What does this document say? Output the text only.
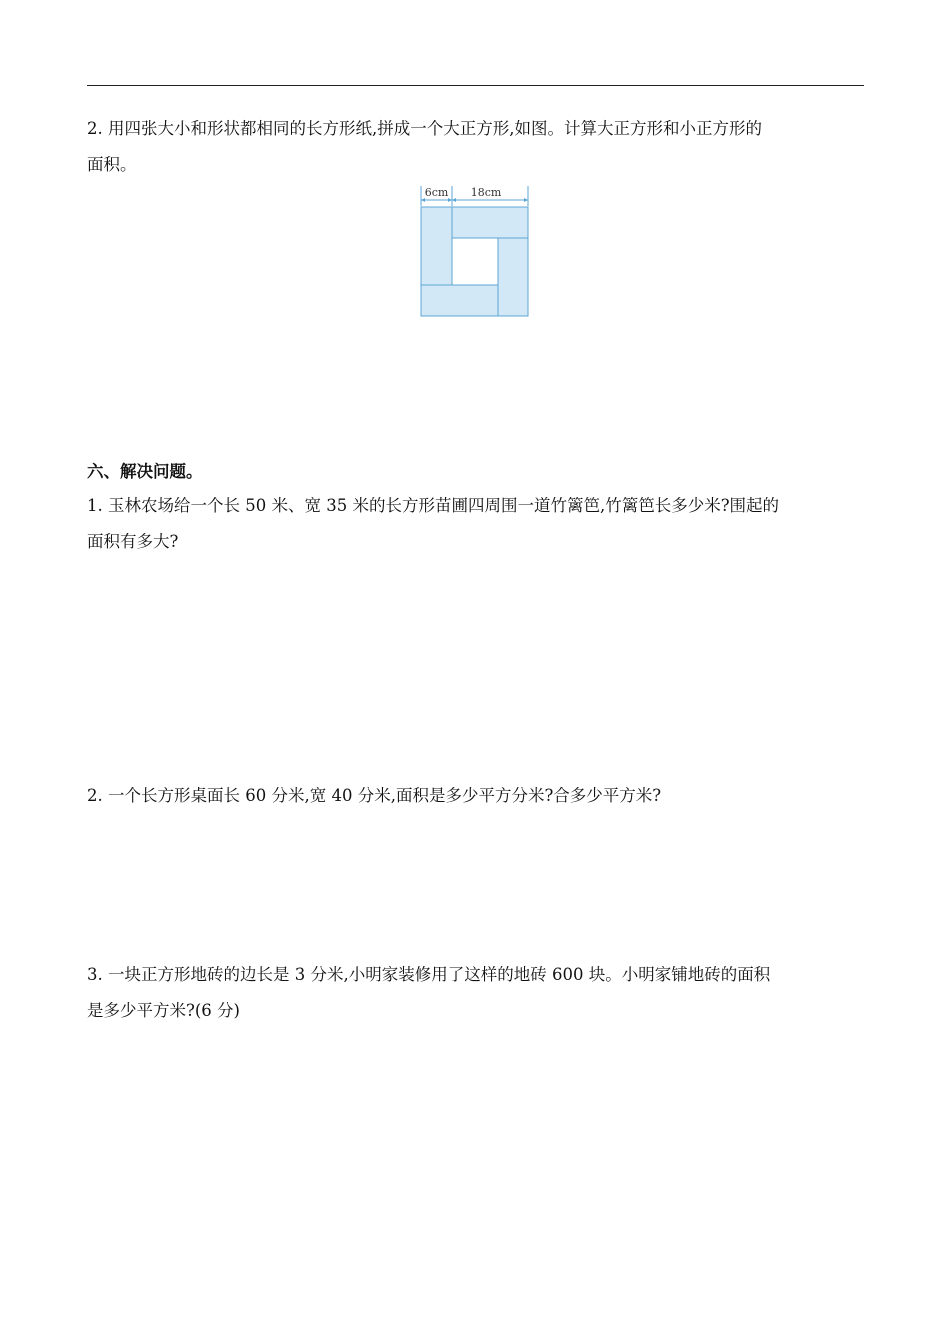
2. 用四张大小和形状都相同的长方形纸,拼成一个大正方形,如图。计算大正方形和小正方形的

面积。

6cm 18cm
六、解决问题。

1. 玉林农场给一个长 50 米、宽 35 米的长方形苗圃四周围一道竹篱笆,竹篱笆长多少米?围起的

面积有多大?

2. 一个长方形桌面长 60 分米,宽 40 分米,面积是多少平方分米?合多少平方米?

3. 一块正方形地砖的边长是 3 分米,小明家装修用了这样的地砖 600 块。小明家铺地砖的面积

是多少平方米?(6 分)
